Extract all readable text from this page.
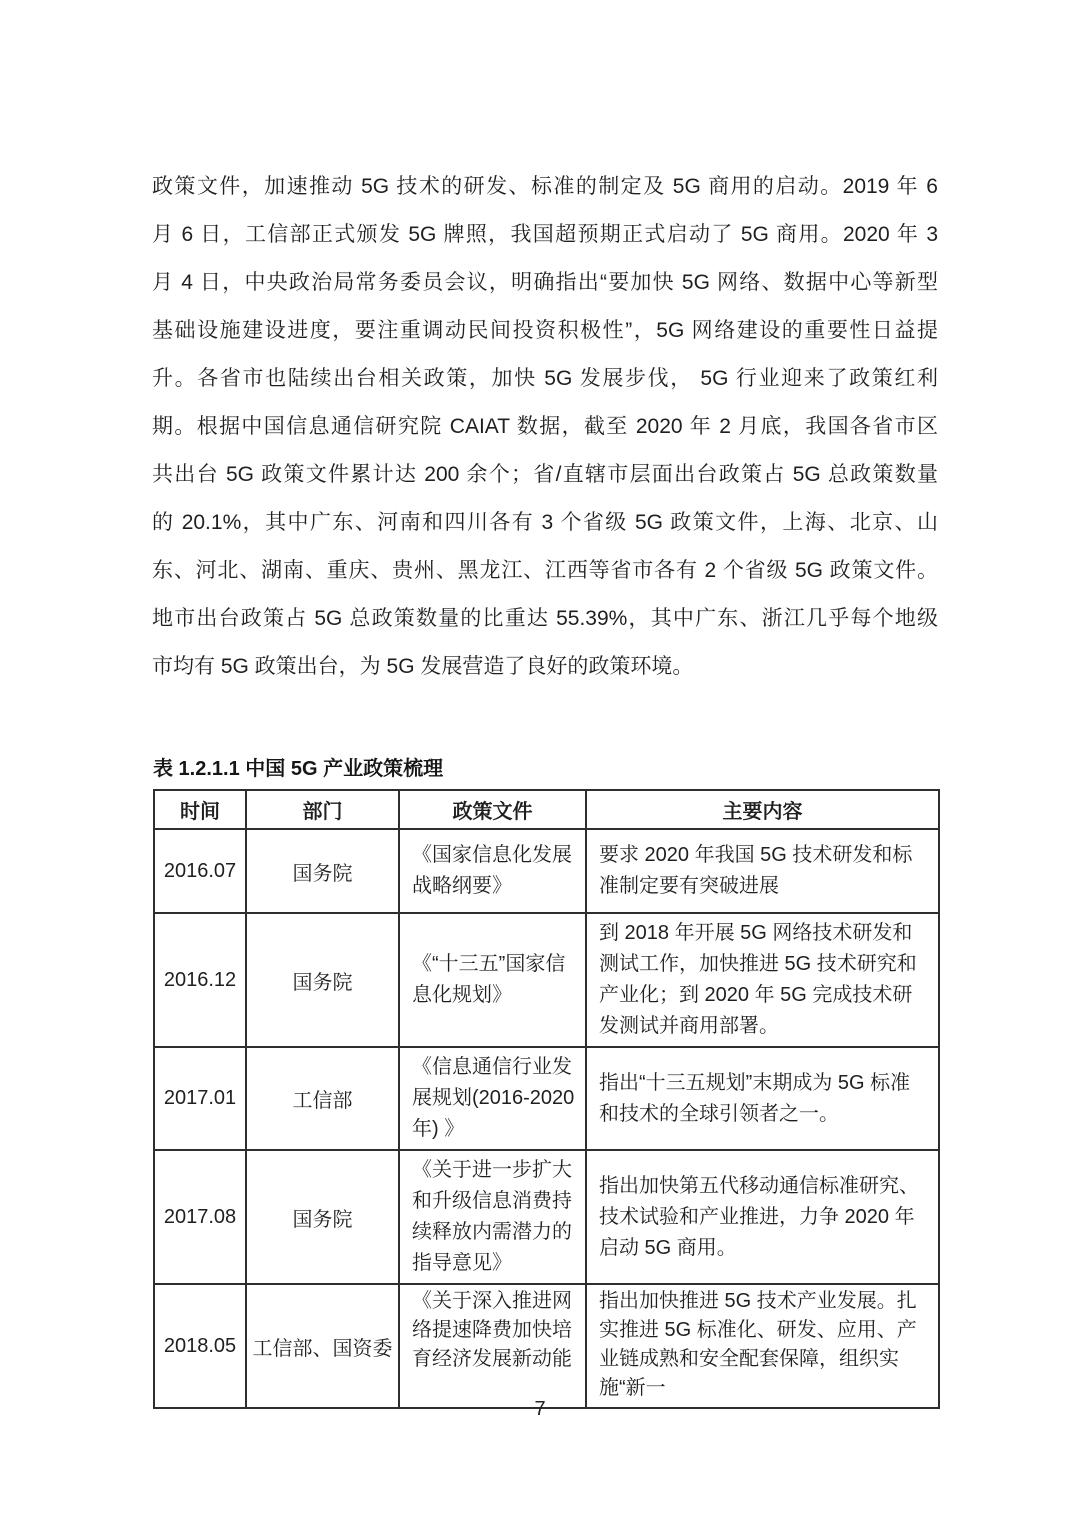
政策文件，加速推动 5G 技术的研发、标准的制定及 5G 商用的启动。2019 年 6
月 6 日，工信部正式颁发 5G 牌照，我国超预期正式启动了 5G 商用。2020 年 3
月 4 日，中央政治局常务委员会议，明确指出“要加快 5G 网络、数据中心等新型
基础设施建设进度，要注重调动民间投资积极性”，5G 网络建设的重要性日益提
升。各省市也陆续出台相关政策，加快 5G 发展步伐， 5G 行业迎来了政策红利
期。根据中国信息通信研究院 CAIAT 数据，截至 2020 年 2 月底，我国各省市区
共出台 5G 政策文件累计达 200 余个；省/直辖市层面出台政策占 5G 总政策数量
的 20.1%，其中广东、河南和四川各有 3 个省级 5G 政策文件，上海、北京、山
东、河北、湖南、重庆、贵州、黑龙江、江西等省市各有 2 个省级 5G 政策文件。
地市出台政策占 5G 总政策数量的比重达 55.39%，其中广东、浙江几乎每个地级
市均有 5G 政策出台，为 5G 发展营造了良好的政策环境。
表 1.2.1.1 中国 5G 产业政策梳理
时间	部门	政策文件	主要内容
2016.07	国务院	《国家信息化发展战略纲要》	要求 2020 年我国 5G 技术研发和标准制定要有突破进展
2016.12	国务院	《“十三五”国家信息化规划》	到 2018 年开展 5G 网络技术研发和测试工作，加快推进 5G 技术研究和产业化；到 2020 年 5G 完成技术研发测试并商用部署。
2017.01	工信部	《信息通信行业发展规划(2016-2020 年) 》	指出“十三五规划”末期成为 5G 标准和技术的全球引领者之一。
2017.08	国务院	《关于进一步扩大和升级信息消费持续释放内需潜力的指导意见》	指出加快第五代移动通信标准研究、技术试验和产业推进，力争 2020 年启动 5G 商用。
2018.05	工信部、国资委	《关于深入推进网络提速降费加快培育经济发展新动能	指出加快推进 5G 技术产业发展。扎实推进 5G 标准化、研发、应用、产业链成熟和安全配套保障，组织实施“新一
7
